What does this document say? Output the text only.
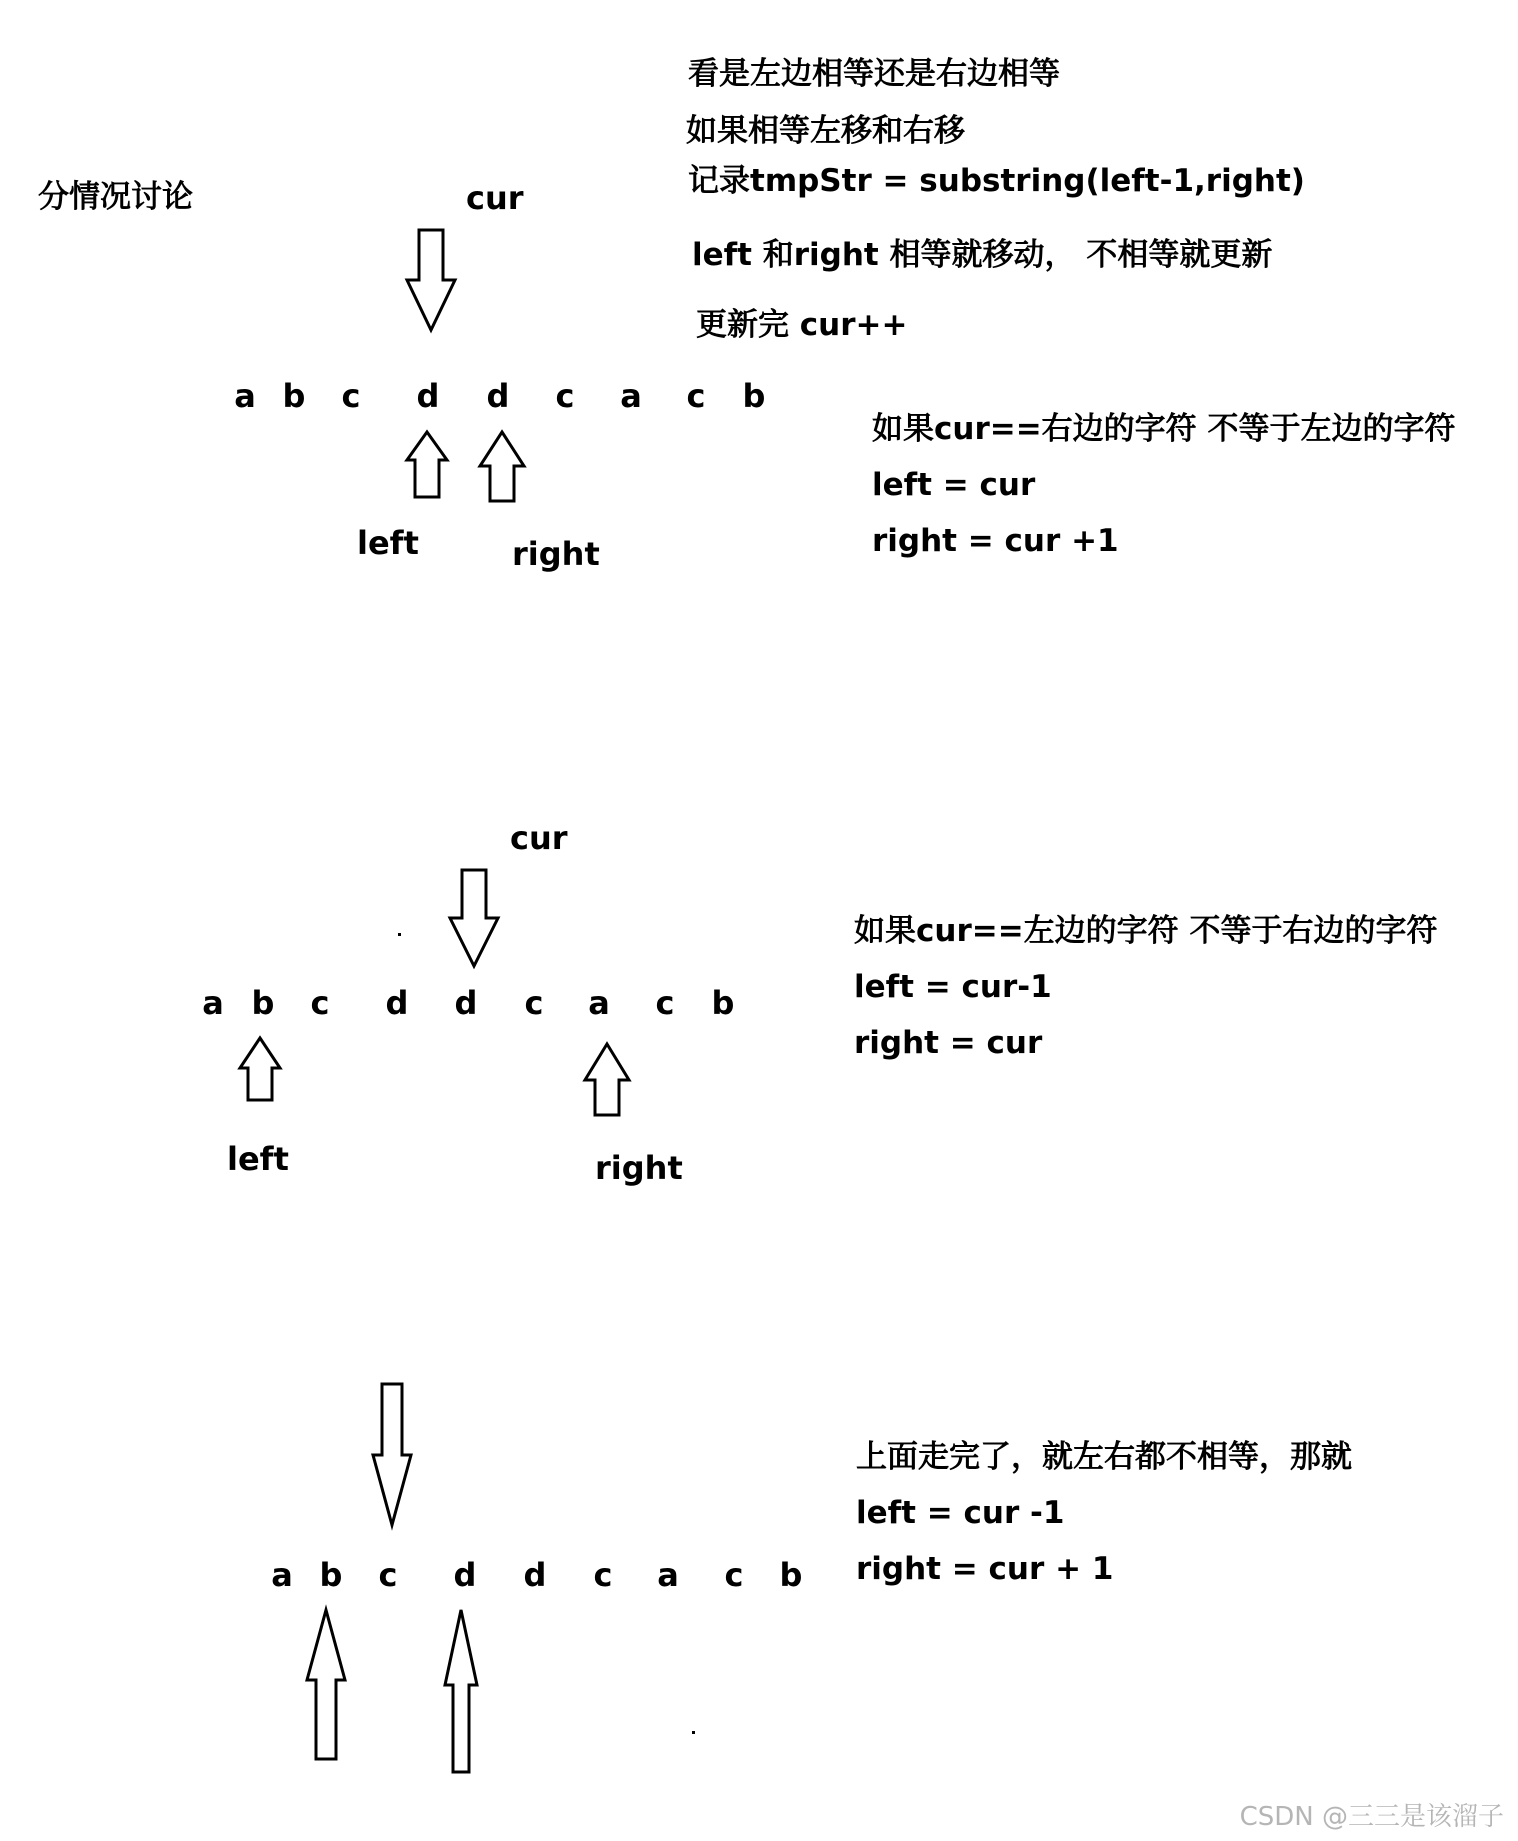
分情况讨论
看是左边相等还是右边相等
如果相等左移和右移
记录tmpStr = substring(left-1,right)
left 和right 相等就移动， 不相等就更新
更新完 cur++
cur
a b c d d c a c b
left	right
如果cur==右边的字符 不等于左边的字符
left = cur
right = cur +1
cur
a b c d d c a c b
left	right
如果cur==左边的字符 不等于右边的字符
left = cur-1
right = cur
a b c d d c a c b
上面走完了，就左右都不相等，那就
left = cur -1
right = cur + 1
CSDN @三三是该溜子
